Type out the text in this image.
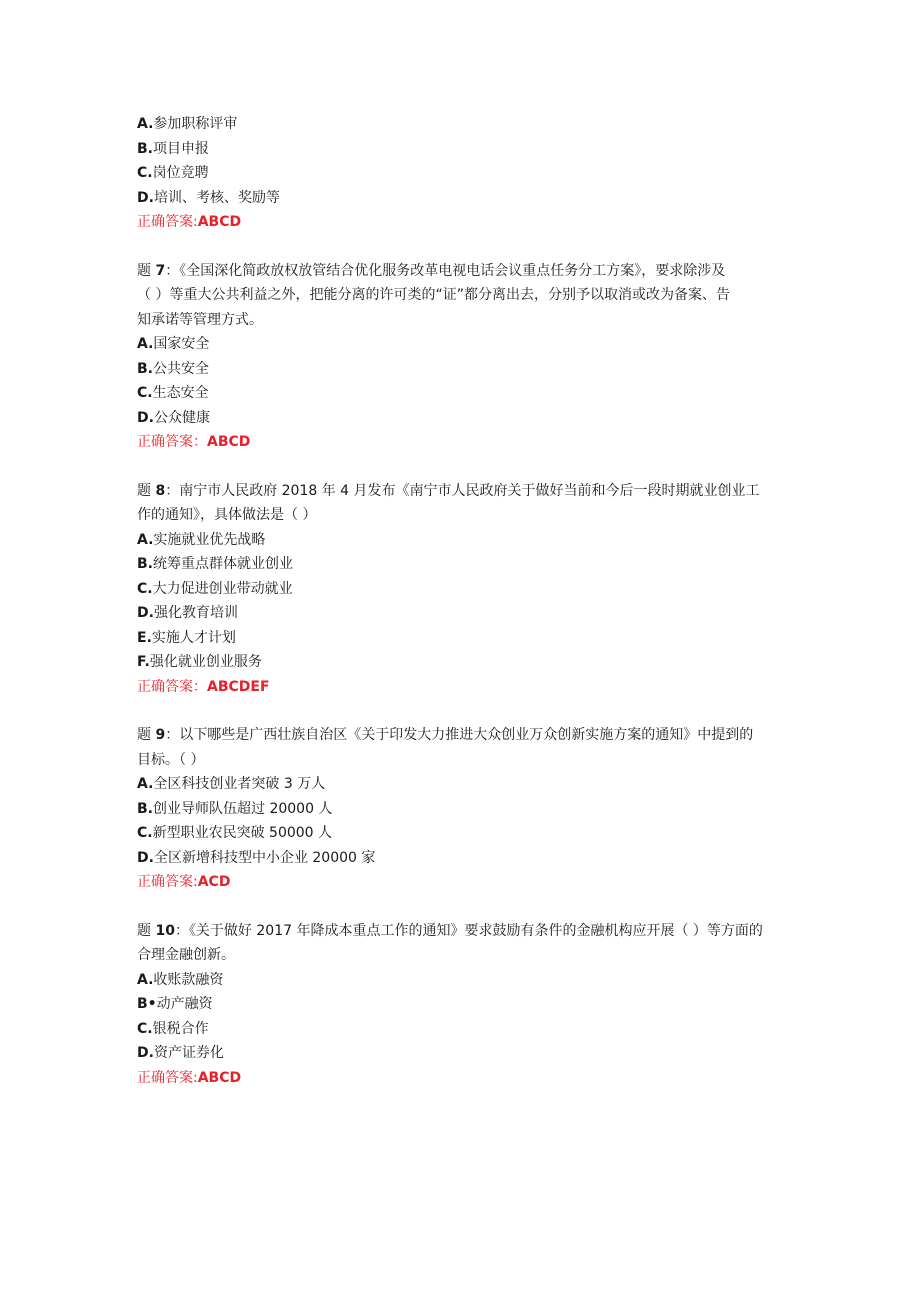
A.参加职称评审
B.项目申报
C.岗位竞聘
D.培训、考核、奖励等
正确答案:ABCD
题 7：《全国深化简政放权放管结合优化服务改革电视电话会议重点任务分工方案》，要求除涉及
（ ）等重大公共利益之外，把能分离的许可类的“证”都分离出去，分别予以取消或改为备案、告
知承诺等管理方式。
A.国家安全
B.公共安全
C.生态安全
D.公众健康
正确答案：ABCD
题 8：南宁市人民政府 2018 年 4 月发布《南宁市人民政府关于做好当前和今后一段时期就业创业工
作的通知》，具体做法是（ ）
A.实施就业优先战略
B.统筹重点群体就业创业
C.大力促进创业带动就业
D.强化教育培训
E.实施人才计划
F.强化就业创业服务
正确答案：ABCDEF
题 9：以下哪些是广西壮族自治区《关于印发大力推进大众创业万众创新实施方案的通知》中提到的
目标。（ ）
A.全区科技创业者突破 3 万人
B.创业导师队伍超过 20000 人
C.新型职业农民突破 50000 人
D.全区新增科技型中小企业 20000 家
正确答案:ACD
题 10：《关于做好 2017 年降成本重点工作的通知》要求鼓励有条件的金融机构应开展（ ）等方面的
合理金融创新。
A.收账款融资
B•动产融资
C.银税合作
D.资产证券化
正确答案:ABCD
